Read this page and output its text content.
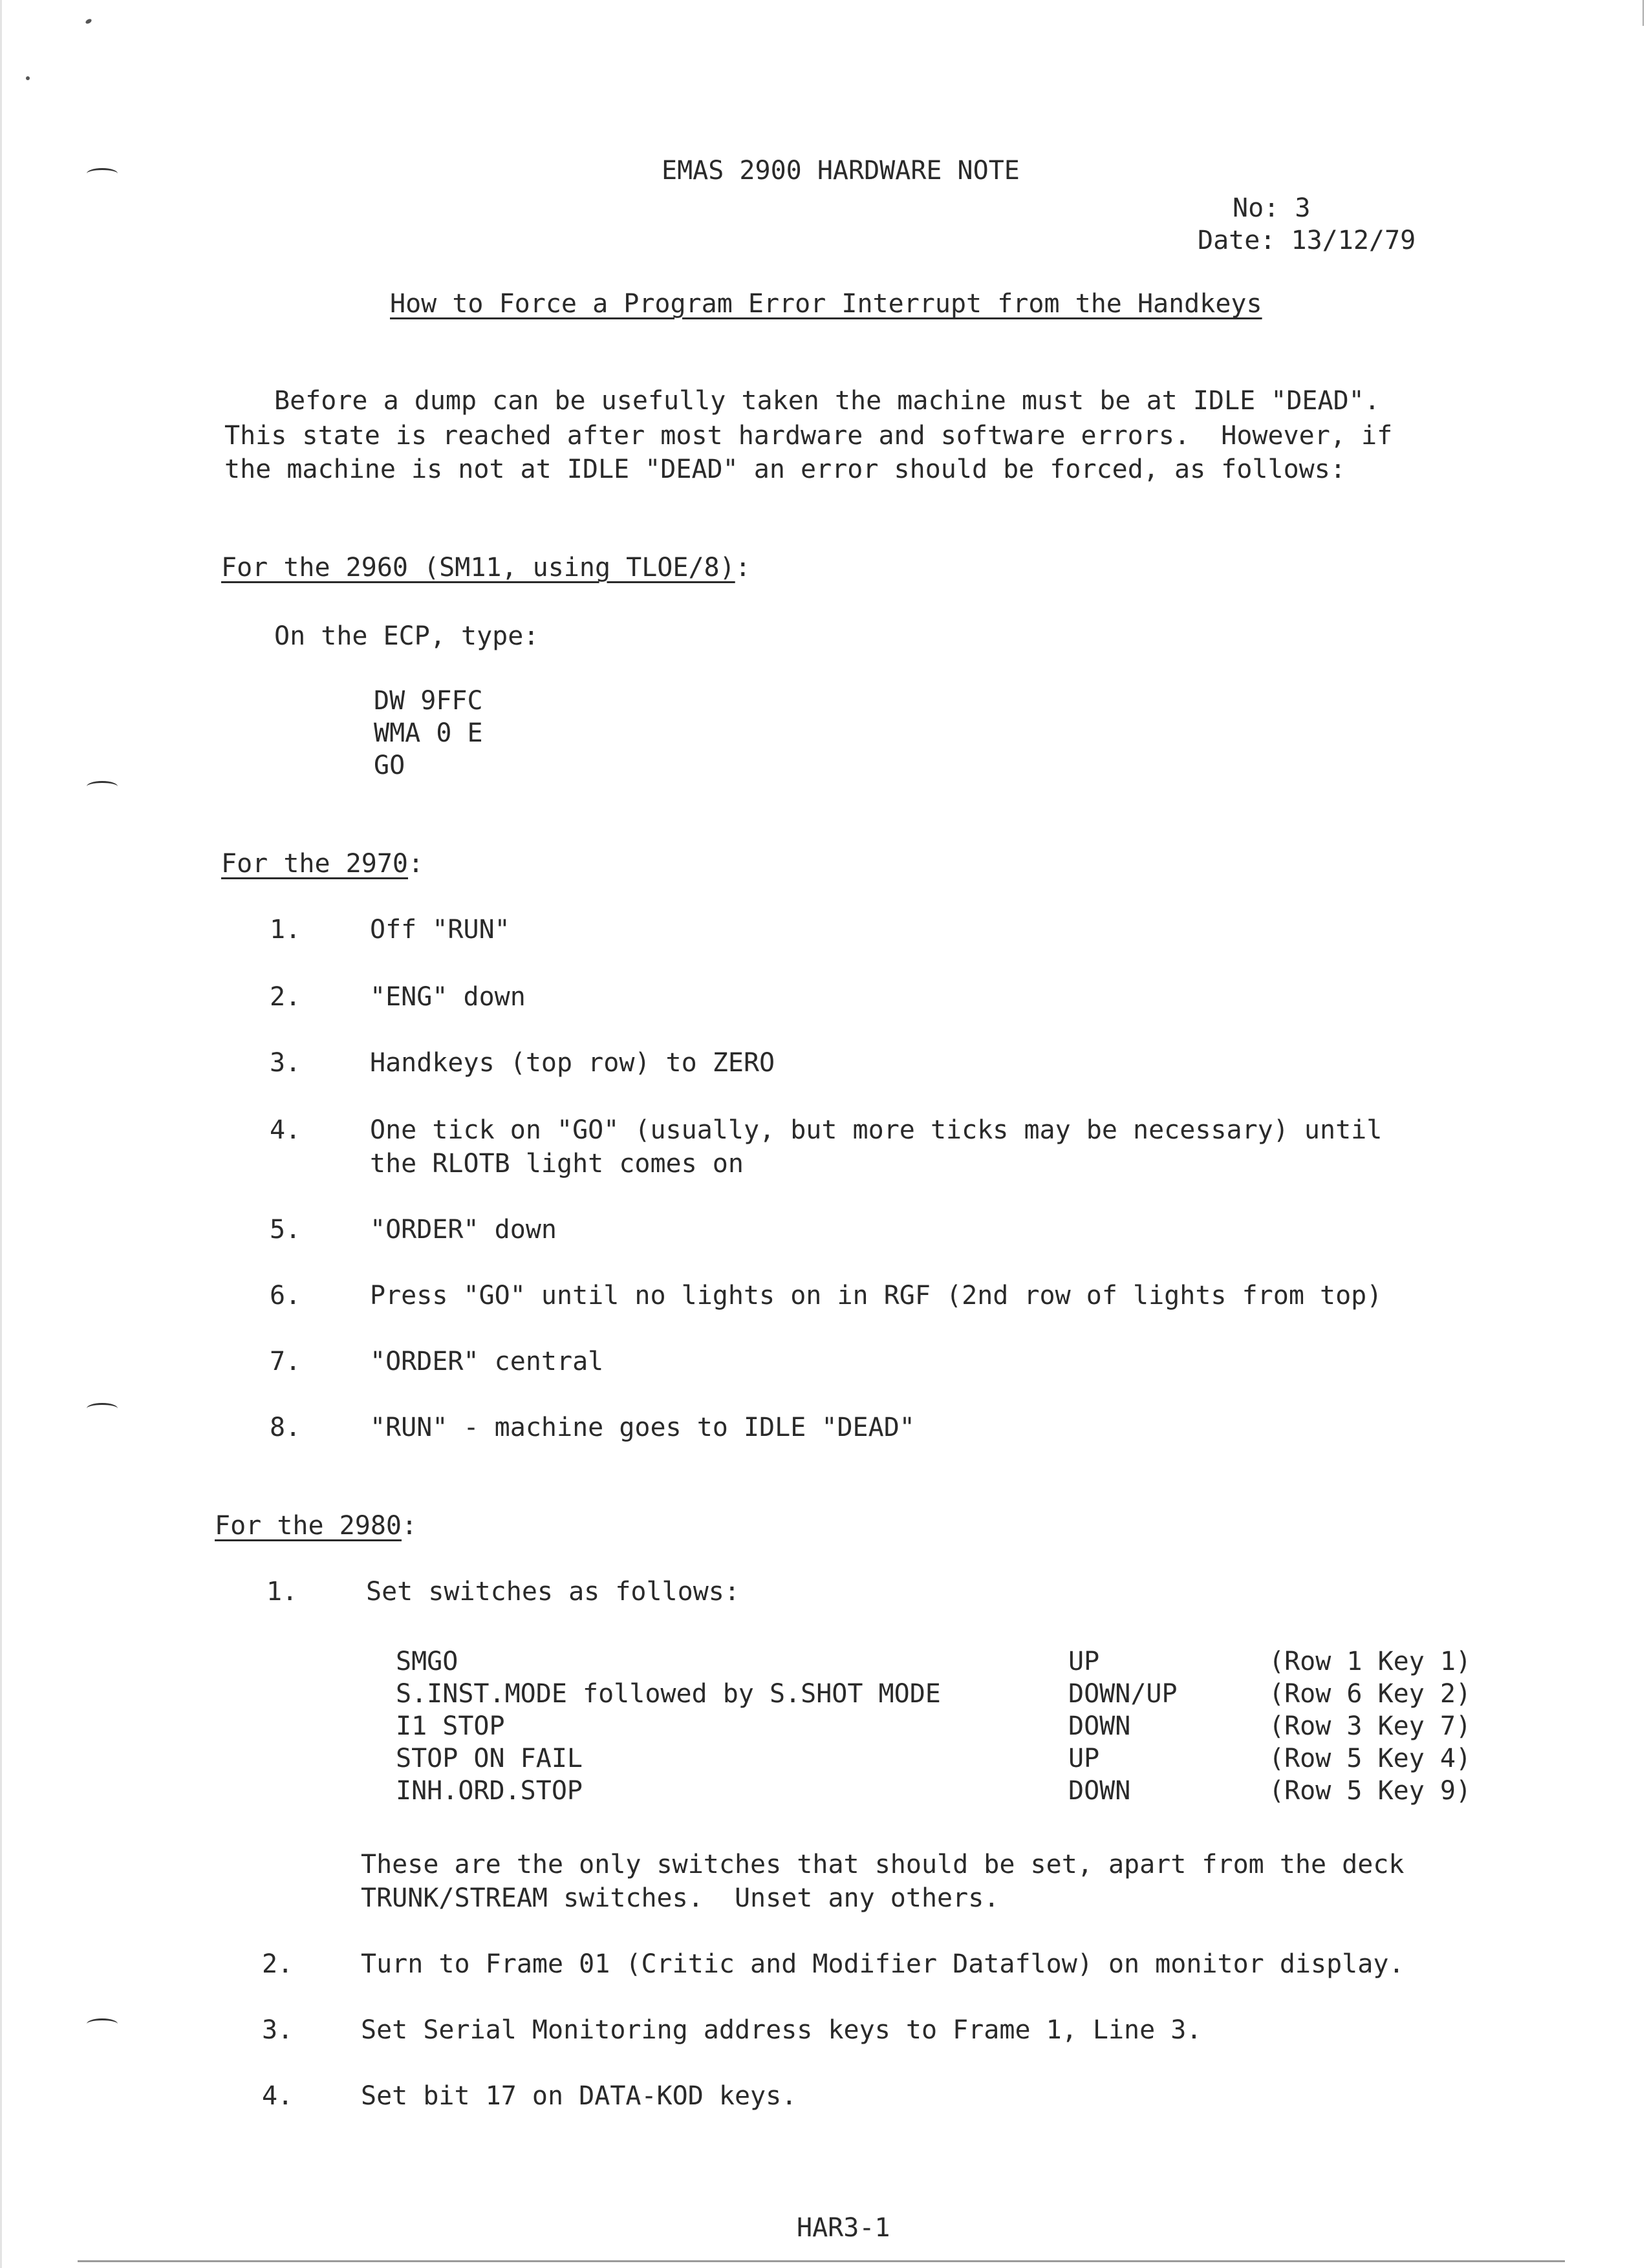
EMAS 2900 HARDWARE NOTE
No: 3
Date: 13/12/79
How to Force a Program Error Interrupt from the Handkeys
Before a dump can be usefully taken the machine must be at IDLE "DEAD".
This state is reached after most hardware and software errors.  However, if
the machine is not at IDLE "DEAD" an error should be forced, as follows:
For the 2960 (SM11, using TLOE/8):
On the ECP, type:
DW 9FFC
WMA 0 E
GO
For the 2970:
1.	Off "RUN"
2.	"ENG" down
3.	Handkeys (top row) to ZERO
4.	One tick on "GO" (usually, but more ticks may be necessary) until
the RLOTB light comes on
5.	"ORDER" down
6.	Press "GO" until no lights on in RGF (2nd row of lights from top)
7.	"ORDER" central
8.	"RUN" - machine goes to IDLE "DEAD"
For the 2980:
1.	Set switches as follows:
SMGO	UP	(Row 1 Key 1)
S.INST.MODE followed by S.SHOT MODE	DOWN/UP	(Row 6 Key 2)
I1 STOP	DOWN	(Row 3 Key 7)
STOP ON FAIL	UP	(Row 5 Key 4)
INH.ORD.STOP	DOWN	(Row 5 Key 9)
These are the only switches that should be set, apart from the deck
TRUNK/STREAM switches.  Unset any others.
2.	Turn to Frame 01 (Critic and Modifier Dataflow) on monitor display.
3.	Set Serial Monitoring address keys to Frame 1, Line 3.
4.	Set bit 17 on DATA-KOD keys.
HAR3-1
